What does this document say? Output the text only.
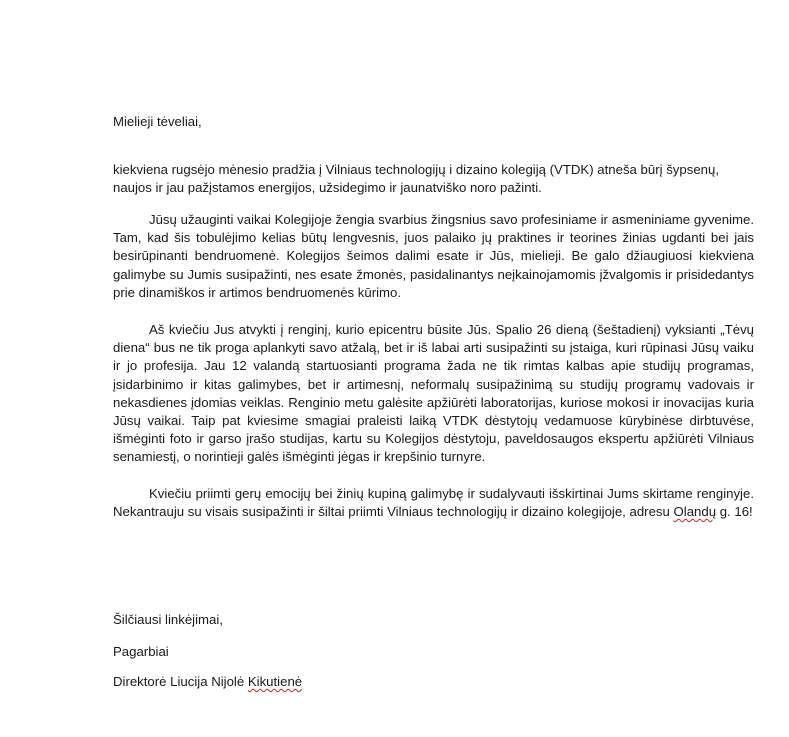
Mielieji tėveliai,

kiekviena rugsėjo mėnesio pradžia į Vilniaus technologijų i dizaino kolegiją (VTDK) atneša būrį šypsenų, naujos ir jau pažįstamos energijos, užsidegimo ir jaunatviško noro pažinti.

Jūsų užauginti vaikai Kolegijoje žengia svarbius žingsnius savo profesiniame ir asmeniniame gyvenime. Tam, kad šis tobulėjimo kelias būtų lengvesnis, juos palaiko jų praktines ir teorines žinias ugdanti bei jais besirūpinanti bendruomenė. Kolegijos šeimos dalimi esate ir Jūs, mielieji. Be galo džiaugiuosi kiekviena galimybe su Jumis susipažinti, nes esate žmonės, pasidalinantys neįkainojamomis įžvalgomis ir prisidedantys prie dinamiškos ir artimos bendruomenės kūrimo.

Aš kviečiu Jus atvykti į renginį, kurio epicentru būsite Jūs. Spalio 26 dieną (šeštadienį) vyksianti „Tėvų diena“ bus ne tik proga aplankyti savo atžalą, bet ir iš labai arti susipažinti su įstaiga, kuri rūpinasi Jūsų vaiku ir jo profesija. Jau 12 valandą startuosianti programa žada ne tik rimtas kalbas apie studijų programas, įsidarbinimo ir kitas galimybes, bet ir artimesnį, neformalų susipažinimą su studijų programų vadovais ir nekasdienes įdomias veiklas. Renginio metu galėsite apžiūrėti laboratorijas, kuriose mokosi ir inovacijas kuria Jūsų vaikai. Taip pat kviesime smagiai praleisti laiką VTDK dėstytojų vedamuose kūrybinėse dirbtuvėse, išmėginti foto ir garso įrašo studijas, kartu su Kolegijos dėstytoju, paveldosaugos ekspertu apžiūrėti Vilniaus senamiestį, o norintieji galės išmėginti jėgas ir krepšinio turnyre.

Kviečiu priimti gerų emocijų bei žinių kupiną galimybę ir sudalyvauti išskirtinai Jums skirtame renginyje. Nekantrauju su visais susipažinti ir šiltai priimti Vilniaus technologijų ir dizaino kolegijoje, adresu Olandų g. 16!

Šilčiausi linkėjimai,

Pagarbiai

Direktorė Liucija Nijolė Kikutienė
